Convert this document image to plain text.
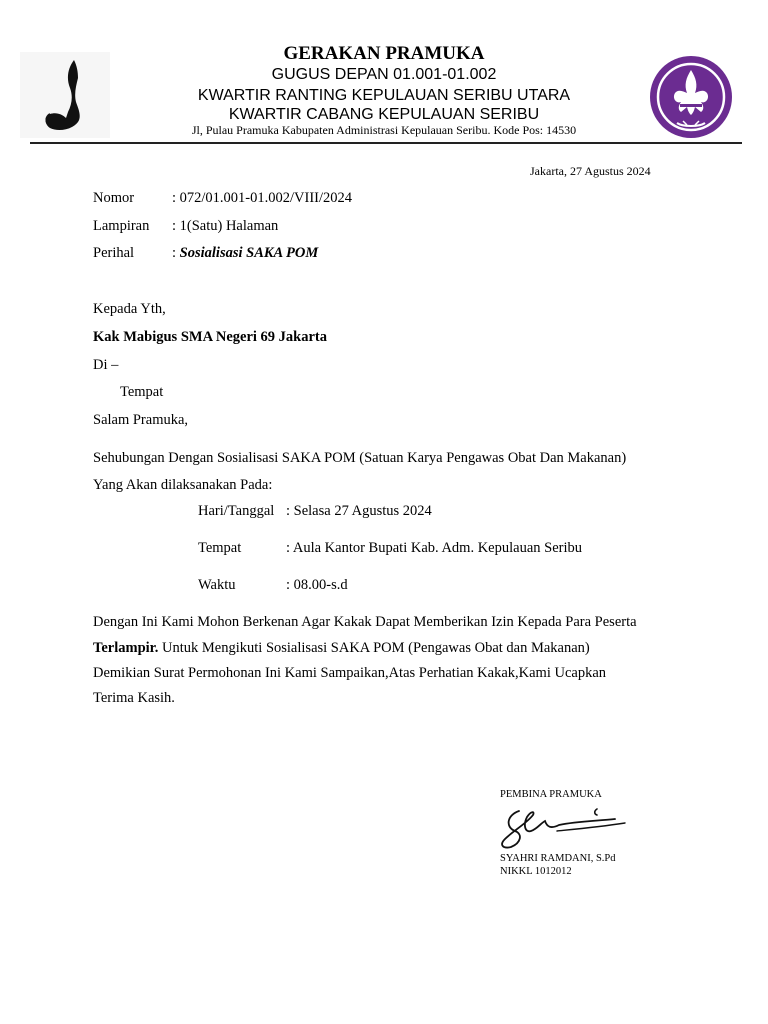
GERAKAN PRAMUKA
GUGUS DEPAN 01.001-01.002
KWARTIR RANTING KEPULAUAN SERIBU UTARA
KWARTIR CABANG KEPULAUAN SERIBU
Jl, Pulau Pramuka Kabupaten Administrasi Kepulauan Seribu. Kode Pos: 14530
Jakarta, 27 Agustus 2024
Nomor	: 072/01.001-01.002/VIII/2024
Lampiran : 1(Satu) Halaman
Perihal	: Sosialisasi SAKA POM
Kepada Yth,
Kak Mabigus SMA Negeri 69 Jakarta
Di –
Tempat
Salam Pramuka,
Sehubungan Dengan Sosialisasi SAKA POM (Satuan Karya Pengawas Obat Dan Makanan)
Yang Akan dilaksanakan Pada:
Hari/Tanggal : Selasa 27 Agustus 2024
Tempat	: Aula Kantor Bupati Kab. Adm. Kepulauan Seribu
Waktu	: 08.00-s.d
Dengan Ini Kami Mohon Berkenan Agar Kakak Dapat Memberikan Izin Kepada Para Peserta
Terlampir. Untuk Mengikuti Sosialisasi SAKA POM (Pengawas Obat dan Makanan)
Demikian Surat Permohonan Ini Kami Sampaikan,Atas Perhatian Kakak,Kami Ucapkan
Terima Kasih.
PEMBINA PRAMUKA
SYAHRI RAMDANI, S.Pd
NIKKL 1012012
